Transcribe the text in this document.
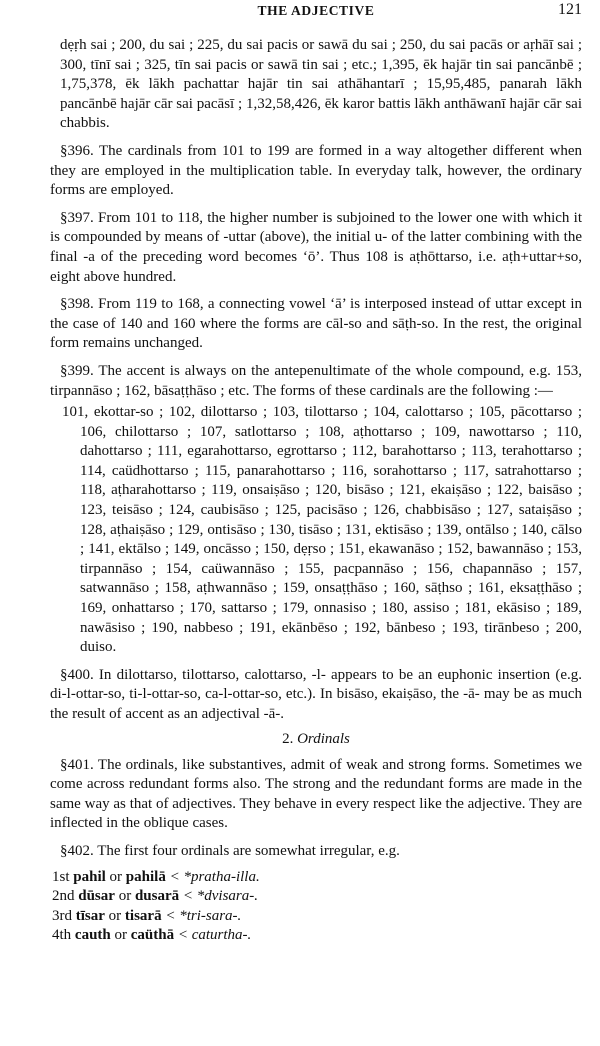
THE ADJECTIVE	121

dẹṛh sai ; 200, du sai ; 225, du sai pacis or sawā du sai ; 250, du sai pacās or aṛhāī sai ; 300, tīnī sai ; 325, tīn sai pacis or sawā tin sai ; etc.; 1,395, ēk hajār tin sai pancānbē ; 1,75,378, ēk lākh pachattar hajār tin sai athāhantarī ; 15,95,485, panarah lākh pancānbē hajār cār sai pacāsī ; 1,32,58,426, ēk karor battis lākh anthāwanī hajār cār sai chabbis.

§396. The cardinals from 101 to 199 are formed in a way altogether different when they are employed in the multiplication table. In everyday talk, however, the ordinary forms are employed.

§397. From 101 to 118, the higher number is subjoined to the lower one with which it is compounded by means of -uttar (above), the initial u- of the latter combining with the final -a of the preceding word becomes ‘ō’. Thus 108 is aṭhōttarso, i.e. aṭh+uttar+so, eight above hundred.

§398. From 119 to 168, a connecting vowel ‘ā’ is interposed instead of uttar except in the case of 140 and 160 where the forms are cāl-so and sāṭh-so. In the rest, the original form remains unchanged.

§399. The accent is always on the antepenultimate of the whole compound, e.g. 153, tirpannāso ; 162, bāsaṭṭhāso ; etc. The forms of these cardinals are the following :—

101, ekottar-so ; 102, dilottarso ; 103, tilottarso ; 104, calottarso ; 105, pācottarso ; 106, chilottarso ; 107, satlottarso ; 108, aṭhottarso ; 109, nawottarso ; 110, dahottarso ; 111, egarahottarso, egrottarso ; 112, barahottarso ; 113, terahottarso ; 114, caüdhottarso ; 115, panarahottarso ; 116, sorahottarso ; 117, satrahottarso ; 118, aṭharahottarso ; 119, onsaiṣāso ; 120, bisāso ; 121, ekaiṣāso ; 122, baisāso ; 123, teisāso ; 124, caubisāso ; 125, pacisāso ; 126, chabbisāso ; 127, sataiṣāso ; 128, aṭhaiṣāso ; 129, ontisāso ; 130, tisāso ; 131, ektisāso ; 139, ontālso ; 140, cālso ; 141, ektālso ; 149, oncāsso ; 150, dẹṛso ; 151, ekawanāso ; 152, bawannāso ; 153, tirpannāso ; 154, caüwannāso ; 155, pacpannāso ; 156, chapannāso ; 157, satwannāso ; 158, aṭhwannāso ; 159, onsaṭṭhāso ; 160, sāṭhso ; 161, eksaṭṭhāso ; 169, onhattarso ; 170, sattarso ; 179, onnasiso ; 180, assiso ; 181, ekāsiso ; 189, nawāsiso ; 190, nabbeso ; 191, ekānbēso ; 192, bānbeso ; 193, tirānbeso ; 200, duiso.

§400. In dilottarso, tilottarso, calottarso, -l- appears to be an euphonic insertion (e.g. di-l-ottar-so, ti-l-ottar-so, ca-l-ottar-so, etc.). In bisāso, ekaiṣāso, the -ā- may be as much the result of accent as an adjectival -ā-.

2. Ordinals

§401. The ordinals, like substantives, admit of weak and strong forms. Sometimes we come across redundant forms also. The strong and the redundant forms are made in the same way as that of adjectives. They behave in every respect like the adjective. They are inflected in the oblique cases.

§402. The first four ordinals are somewhat irregular, e.g.

1st pahil or pahilā < *pratha-illa.
2nd dūsar or dusarā < *dvisara-.
3rd tīsar or tisarā < *tri-sara-.
4th cauth or caüthā < caturtha-.
